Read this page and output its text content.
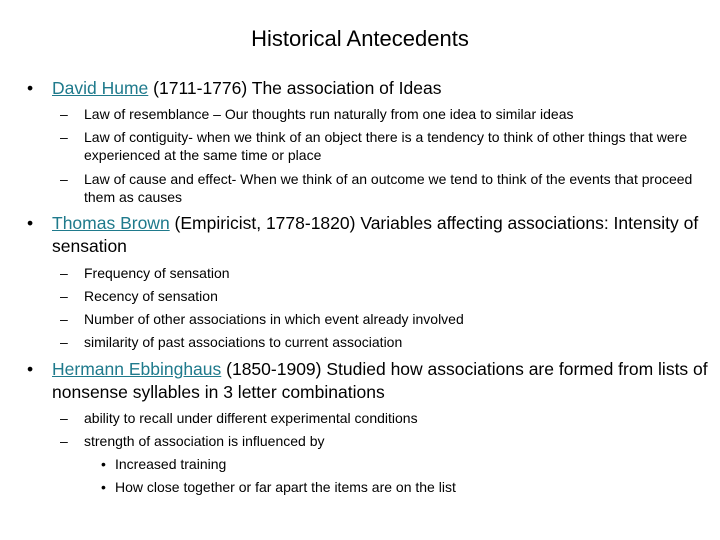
Historical Antecedents
• David Hume (1711-1776) The association of Ideas
– Law of resemblance – Our thoughts run naturally from one idea to similar ideas
– Law of contiguity- when we think of an object there is a tendency to think of other things that were experienced at the same time or place
– Law of cause and effect- When we think of an outcome we tend to think of the events that proceed them as causes
• Thomas Brown (Empiricist, 1778-1820) Variables affecting associations: Intensity of sensation
– Frequency of sensation
– Recency of sensation
– Number of other associations in which event already involved
– similarity of past associations to current association
• Hermann Ebbinghaus (1850-1909) Studied how associations are formed from lists of nonsense syllables in 3 letter combinations
– ability to recall under different experimental conditions
– strength of association is influenced by
• Increased training
• How close together or far apart the items are on the list
